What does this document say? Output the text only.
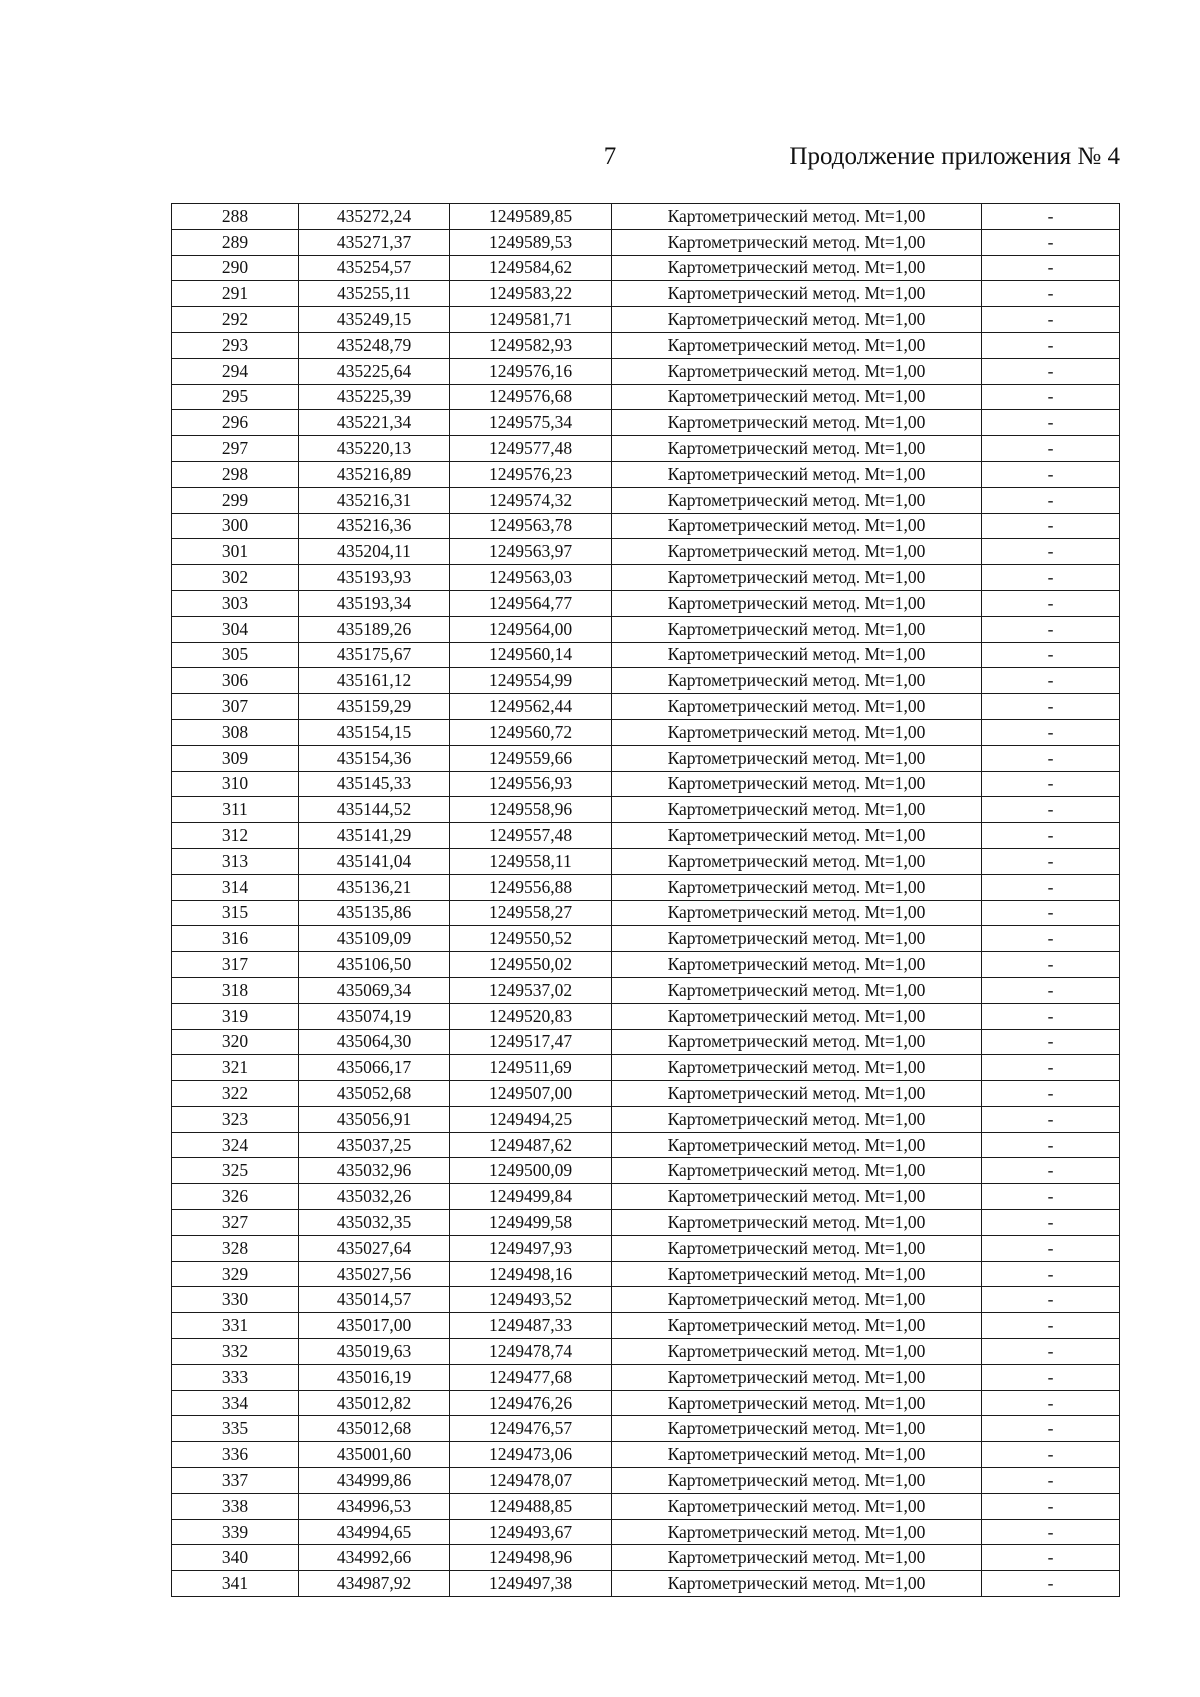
7	Продолжение приложения № 4
288	435272,24	1249589,85	Картометрический метод. Mt=1,00	-
289	435271,37	1249589,53	Картометрический метод. Mt=1,00	-
290	435254,57	1249584,62	Картометрический метод. Mt=1,00	-
291	435255,11	1249583,22	Картометрический метод. Mt=1,00	-
292	435249,15	1249581,71	Картометрический метод. Mt=1,00	-
293	435248,79	1249582,93	Картометрический метод. Mt=1,00	-
294	435225,64	1249576,16	Картометрический метод. Mt=1,00	-
295	435225,39	1249576,68	Картометрический метод. Mt=1,00	-
296	435221,34	1249575,34	Картометрический метод. Mt=1,00	-
297	435220,13	1249577,48	Картометрический метод. Mt=1,00	-
298	435216,89	1249576,23	Картометрический метод. Mt=1,00	-
299	435216,31	1249574,32	Картометрический метод. Mt=1,00	-
300	435216,36	1249563,78	Картометрический метод. Mt=1,00	-
301	435204,11	1249563,97	Картометрический метод. Mt=1,00	-
302	435193,93	1249563,03	Картометрический метод. Mt=1,00	-
303	435193,34	1249564,77	Картометрический метод. Mt=1,00	-
304	435189,26	1249564,00	Картометрический метод. Mt=1,00	-
305	435175,67	1249560,14	Картометрический метод. Mt=1,00	-
306	435161,12	1249554,99	Картометрический метод. Mt=1,00	-
307	435159,29	1249562,44	Картометрический метод. Mt=1,00	-
308	435154,15	1249560,72	Картометрический метод. Mt=1,00	-
309	435154,36	1249559,66	Картометрический метод. Mt=1,00	-
310	435145,33	1249556,93	Картометрический метод. Mt=1,00	-
311	435144,52	1249558,96	Картометрический метод. Mt=1,00	-
312	435141,29	1249557,48	Картометрический метод. Mt=1,00	-
313	435141,04	1249558,11	Картометрический метод. Mt=1,00	-
314	435136,21	1249556,88	Картометрический метод. Mt=1,00	-
315	435135,86	1249558,27	Картометрический метод. Mt=1,00	-
316	435109,09	1249550,52	Картометрический метод. Mt=1,00	-
317	435106,50	1249550,02	Картометрический метод. Mt=1,00	-
318	435069,34	1249537,02	Картометрический метод. Mt=1,00	-
319	435074,19	1249520,83	Картометрический метод. Mt=1,00	-
320	435064,30	1249517,47	Картометрический метод. Mt=1,00	-
321	435066,17	1249511,69	Картометрический метод. Mt=1,00	-
322	435052,68	1249507,00	Картометрический метод. Mt=1,00	-
323	435056,91	1249494,25	Картометрический метод. Mt=1,00	-
324	435037,25	1249487,62	Картометрический метод. Mt=1,00	-
325	435032,96	1249500,09	Картометрический метод. Mt=1,00	-
326	435032,26	1249499,84	Картометрический метод. Mt=1,00	-
327	435032,35	1249499,58	Картометрический метод. Mt=1,00	-
328	435027,64	1249497,93	Картометрический метод. Mt=1,00	-
329	435027,56	1249498,16	Картометрический метод. Mt=1,00	-
330	435014,57	1249493,52	Картометрический метод. Mt=1,00	-
331	435017,00	1249487,33	Картометрический метод. Mt=1,00	-
332	435019,63	1249478,74	Картометрический метод. Mt=1,00	-
333	435016,19	1249477,68	Картометрический метод. Mt=1,00	-
334	435012,82	1249476,26	Картометрический метод. Mt=1,00	-
335	435012,68	1249476,57	Картометрический метод. Mt=1,00	-
336	435001,60	1249473,06	Картометрический метод. Mt=1,00	-
337	434999,86	1249478,07	Картометрический метод. Mt=1,00	-
338	434996,53	1249488,85	Картометрический метод. Mt=1,00	-
339	434994,65	1249493,67	Картометрический метод. Mt=1,00	-
340	434992,66	1249498,96	Картометрический метод. Mt=1,00	-
341	434987,92	1249497,38	Картометрический метод. Mt=1,00	-
